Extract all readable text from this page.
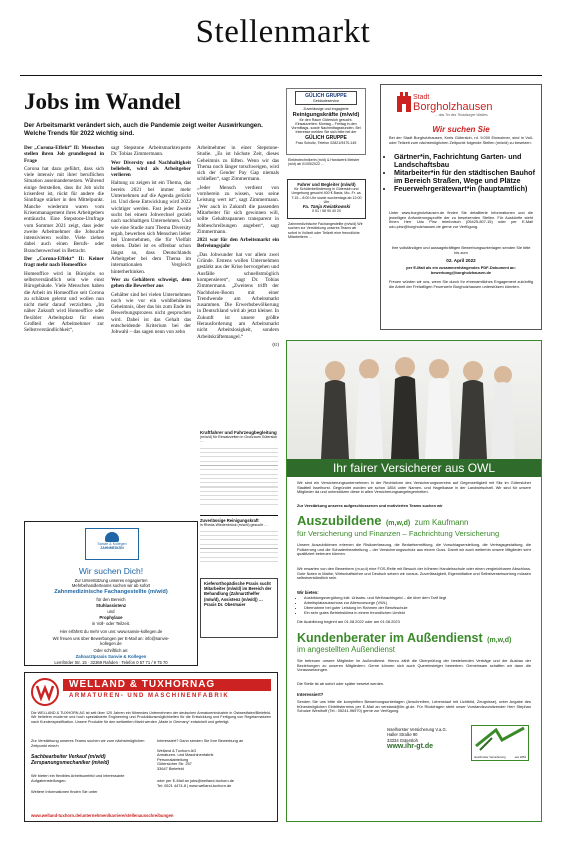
Stellenmarkt
Jobs im Wandel
Der Arbeitsmarkt verändert sich, auch die Pandemie zeigt weiter Auswirkungen. Welche Trends für 2022 wichtig sind.

Der „Corona-Effekt“ II: Menschen stellen ihren Job grundlegend in Frage

Corona hat dazu geführt, dass sich viele intensiv mit ihrer beruflichen Situation auseinandersetzen. Während einige feststellen, dass ihr Job nicht krisenfest ist, rückt für andere die Sinnfrage stärker in den Mittelpunkt. Manche wiederum waren vom Krisenmanagement ihres Arbeitgebers enttäuscht. Eine Stepstone-Umfrage vom Sommer 2021 zeigt, dass jeder zweite Arbeitnehmer die Jobsuche intensivieren wollte. Viele ziehen dabei auch einen Berufs- oder Branchenwechsel in Betracht.

Der „Corona-Effekt“ II: Keiner fragt mehr nach Homeoffice

Homeoffice wird in Bürojobs so selbstverständlich sein wie einst Bürogebäude. Viele Menschen haben die Arbeit im Homeoffice seit Corona zu schätzen gelernt und wollen nun nicht mehr darauf verzichten. „Im näher Zukunft wird Homeoffice oder flexibler Arbeitsplatz für einen Großteil der Arbeitnehmer zur Selbstverständlichkeit“,

sagt Stepstone Arbeitsmarktexperte Dr. Tobias Zimmermann.

Wer Diversity und Nachhaltigkeit beliebelt, wird als Arbeitgeber verlieren

Haltung zu zeigen ist ein Thema, das bereits 2021 bei immer mehr Unternehmen auf die Agenda gerückt ist. Und diese Entwicklung wird 2022 wichtiger werden. Fast jeder Zweite sucht bei einem Jobwechsel gezielt nach nachhaltigen Unternehmen. Und wie eine Studie zum Thema Diversity ergab, bewerben sich Menschen lieber bei Unternehmen, die für Vielfalt stehen. Dabei ist es offenbar schon längst so, dass Deutschlands Arbeitgeber bei dem Thema im internationalen Vergleich hinterherhinken.

Wer zu Gehältern schweigt, dem gehen die Bewerber aus

Gehälter sind bei vielen Unternehmen noch wie vor ein wohlbehütetes Geheimnis, über das bis zum Ende im Bewerbungsprozess nicht gesprochen wird. Dabei ist das Gehalt das entscheidende Kriterium bei der Jobwahl – das sagen neun von zehn

Arbeitnehmer in einer Stepstone-Studie. „Es ist höchste Zeit, dieses Geheimnis zu lüften. Wenn wir das Thema noch länger totschweigen, wird sich der Gender Pay Gap niemals schließen“, sagt Zimmermann.

„Jeder Mensch verdient von vornherein zu wissen, was seine Leistung wert ist“, sagt Zimmermann. „Wer auch in Zukunft die passenden Mitarbeiter für sich gewinnen will, sollte Gehaltsspannen transparent in Jobbeschreibungen angeben“, sagt Zimmermann.

2021 war für den Arbeitsmarkt ein Befreiungsjahr

„Das Jobwunder hat vor allem zwei Gründe. Erstens wollen Unternehmen gestärkt aus der Krise hervorgehen und Ausfälle schnellstmöglich kompensieren“, sagt Dr. Tobias Zimmermann. „Zweitens trifft der Nachholen-Boom mit einer Trendwende am Arbeitsmarkt zusammen. Die Erwerbsbevölkerung in Deutschland wird ab jetzt kleiner. In Zukunft ist unsere größte Herausforderung am Arbeitsmarkt nicht Arbeitslosigkeit, sondern Arbeitskräftemangel.“

(tr)

GÜLICH GRUPPE
Gebäudeservice
Zuverlässige und engagierte
Reinigungskräfte (m/w/d)
für den Raum Gütersloh gesucht. Einsatzzeiten: Montag – Freitag in den Vormittags- sowie Nachmittagsstunden. Bei Interesse melden Sie sich bitte bei der
GÜLICH GRUPPE
Frau Schultz, Telefon 02821/9470-145
Elektrotechnikerin (m/d) & Handwerk Meister (w/d) ab 01/05/2022 …
Fahrer und Begleiter (m/w/d)
für Schülerbeförderung in Gütersloh und Umgebung gesucht 400 € Basis, Mo.-Fr. ca. 7:15 – 8:00 Uhr sowie wochentags ab 12:00 Uhr
Fa. Tanja Kwiatkowski
0 51 / 58 90 40 20
Zahnmedizinische Fachangestellte (m/w/d) Wir suchen zur Verstärkung unseres Teams ab sofort in Vollzeit oder Teilzeit eine freundliche Mitarbeiterin …
Stadt
Borgholzhausen
... das Tor des Teutoburger Waldes
Wir suchen Sie
Bei der Stadt Borgholzhausen, Kreis Gütersloh, rd. 9.000 Einwohner, sind in Voll- oder Teilzeit zum nächstmöglichen Zeitpunkt folgende Stellen (m/w/d) zu besetzen:
• Gärtner*in, Fachrichtung Garten- und Landschaftsbau
• Mitarbeiter*in für den städtischen Bauhof im Bereich Straßen, Wege und Plätze
• Feuerwehrgerätewart*in (hauptamtlich)
Unter www.borgholzhausen.de finden Sie detaillierte Informationen und die jeweiligen Anforderungsprofile der zu besetzenden Stellen. Für Auskünfte steht Ihnen Herr Udo Pinz telefonisch (05425-807-15) oder per E-Mail udo.pinz@borgholzhausen.de gerne zur Verfügung.
Ihre vollständigen und aussagekräftigen Bewerbungsunterlagen senden Sie bitte bis zum
02. April 2022
per E-Mail als ein zusammenhängendes PDF-Dokument an: bewerbung@borgholzhausen.de
Freuen würden wir uns, wenn Sie durch Ihr ehrenamtliches Engagement zukünftig die Arbeit der Freiwilligen Feuerwehr Borgholzhausen unterstützen könnten.
Kraftfahrer und Fahrzeugbegleitung
(m/w/d) für Einsatzzeiten in Großraum Gütersloh …
Zuverlässige Reinigungskraft
in Rheda-Wiedenbrück (m/w/d) gesucht …
Kieferorthopädische Praxis sucht Mitarbeiter (m/w/d) im Bereich der Behandlung (Zahnarzthelfer (m/w/d), Assistenz (m/w/d)) … Praxis Dr. Obermaier
Sanvie & Kollegen
ZAHNMEDIZIN
Wir suchen Dich!
Zur Unterstützung unseres engagierten Mehrbehandlerteams suchen wir ab sofort
Zahnmedizinische Fachangestellte (m/w/d)
für den Bereich
Stuhlassistenz
und
Prophylaxe
in Voll- oder Teilzeit.
Hier erfährst du mehr von uns: www.sanvie-kollegen.de
Wir freuen uns über Bewerbungen per E-Mail an: info@sanvie-kollegen.de
Oder schriftlich an:
Zahnarztpraxis Sanvie & Kollegen
Lemförder Str. 15 · 32369 Rahden · Telefon 0 57 71 / 9 75 70
WELLAND & TUXHORNAG
ARMATUREN- UND MASCHINENFABRIK
Die WELLAND & TUXHORN AG ist seit über 120 Jahren ein führendes Unternehmen der deutschen Armaturenindustrie in Ostwestfalen/Bielefeld. Wir beliefern moderne und hoch spezialisierte Engineering und Produktionsmöglichkeiten für die Entwicklung und Fertigung von Regelarmaturen nach Kundenspezifikation. Unsere Produkte für den weltweiten Markt werden „Made in Germany“ entwickelt und gefertigt.
Zur Verstärkung unseres Teams suchen wir zum nächstmöglichen Zeitpunkt eine/n
Sachbearbeiter Verkauf (m/w/d)
Zerspanungsmechaniker (m/w/d)
Wir bieten ein flexibles Arbeitsumfeld und interessante Aufgabenstellungen.
Weitere Informationen finden Sie unter
Interessiert? Dann senden Sie Ihre Bewerbung an
Welland & Tuxhorn AG
Armaturen- und Maschinenfabrik
Personalabteilung
Gütersloher Str. 257
33647 Bielefeld
oder per E-Mail an jobs@welland-tuxhorn.de
Tel: 0521 4474-8 | www.welland-tuxhorn.de
www.welland-tuxhorn.de/unternehmen/karriere/stellenausschreibungen
Ihr fairer Versicherer aus OWL
Wir sind ein Versicherungsunternehmen in der Rechtsform des Versicherungsvereins auf Gegenseitigkeit mit Sitz im Gütersloher Stadtteil Isselhorst. Gegründet wurden wir schon 1854 unter Namen- und Hagelkasse in der Landwirtschaft. Wir sind für unsere Mitglieder da und unterstützen diese in allen Versicherungsangelegenheiten.
Zur Verstärkung unseres aufgeschlossenen und motivierten Teams suchen wir
Auszubildene (m,w,d) zum Kaufmann
für Versicherung und Finanzen – Fachrichtung Versicherung
Unsere Auszubildenen erlernen die Risikoerfassung, die Bedarfsermittlung, die Vorschlagserstellung, die Vertragsgestaltung, die Policierung und die Schadenbearbeitung – der Versicherungsschutz aus einem Guss. Damit wir auch weiterhin unsere Mitglieder sehr qualifiziert betreuen können.
Wir erwarten von den Bewerbern (m,w,d) eine FOS-Reife mit Besuch der höheren Handelsschule oder einen vergleichbaren Abschluss. Gute Noten in Mathe, Wirtschaftslehre und Deutsch setzen wir voraus. Zuverlässigkeit, Eigeninitiative und Selbstverantwortung müssen selbstverständlich sein.
Wir bieten:
• Ausbildungsvergütung inkl. Urlaubs- und Weihnachtsgeld – die über dem Tarif liegt
• Arbeitsplatzausschuss zur Altersvorsorge (VWL)
• Übernahme bei guter Leistung im Rahmen der Berufsschule
• Ein sehr gutes Betriebsklima in einem freundlichen Umfeld
Die Ausbildung beginnt am 01.08.2022 oder am 01.08.2023
Kundenberater im Außendienst (m,w,d)
im angestellten Außendienst
Sie betreuen unsere Mitglieder im Außendienst. Hierzu zählt die Überprüfung der bestehenden Verträge und der Ausbau der Beziehungen zu unseren Mitgliedern. Gerne können sich auch Quereinsteiger bewerben. Gemeinsam schaffen wir dann die Voraussetzungen.
Die Stelle ist ab sofort oder später besetzt werden.
Interessiert?
Senden Sie uns bitte die kompletten Bewerbungsunterlagen (Anschreiben, Lebenslauf mit Lichtbild, Zeugnisse), unter Angabe des frühestmöglichen Eintrittstermins per E-Mail an verstand@ihr-gt.de. Für Rückfragen steht unser Vorstandsvorsitzender Herr Stephan Schulze Westhoff (Tel.: 05241-96970) gerne zur Verfügung.
Isselhorster Versicherung V.a.G.
Haller Straße 90
33334 Gütersloh
www.ihr-gt.de
Isselhorster Versicherung	seit 1854
